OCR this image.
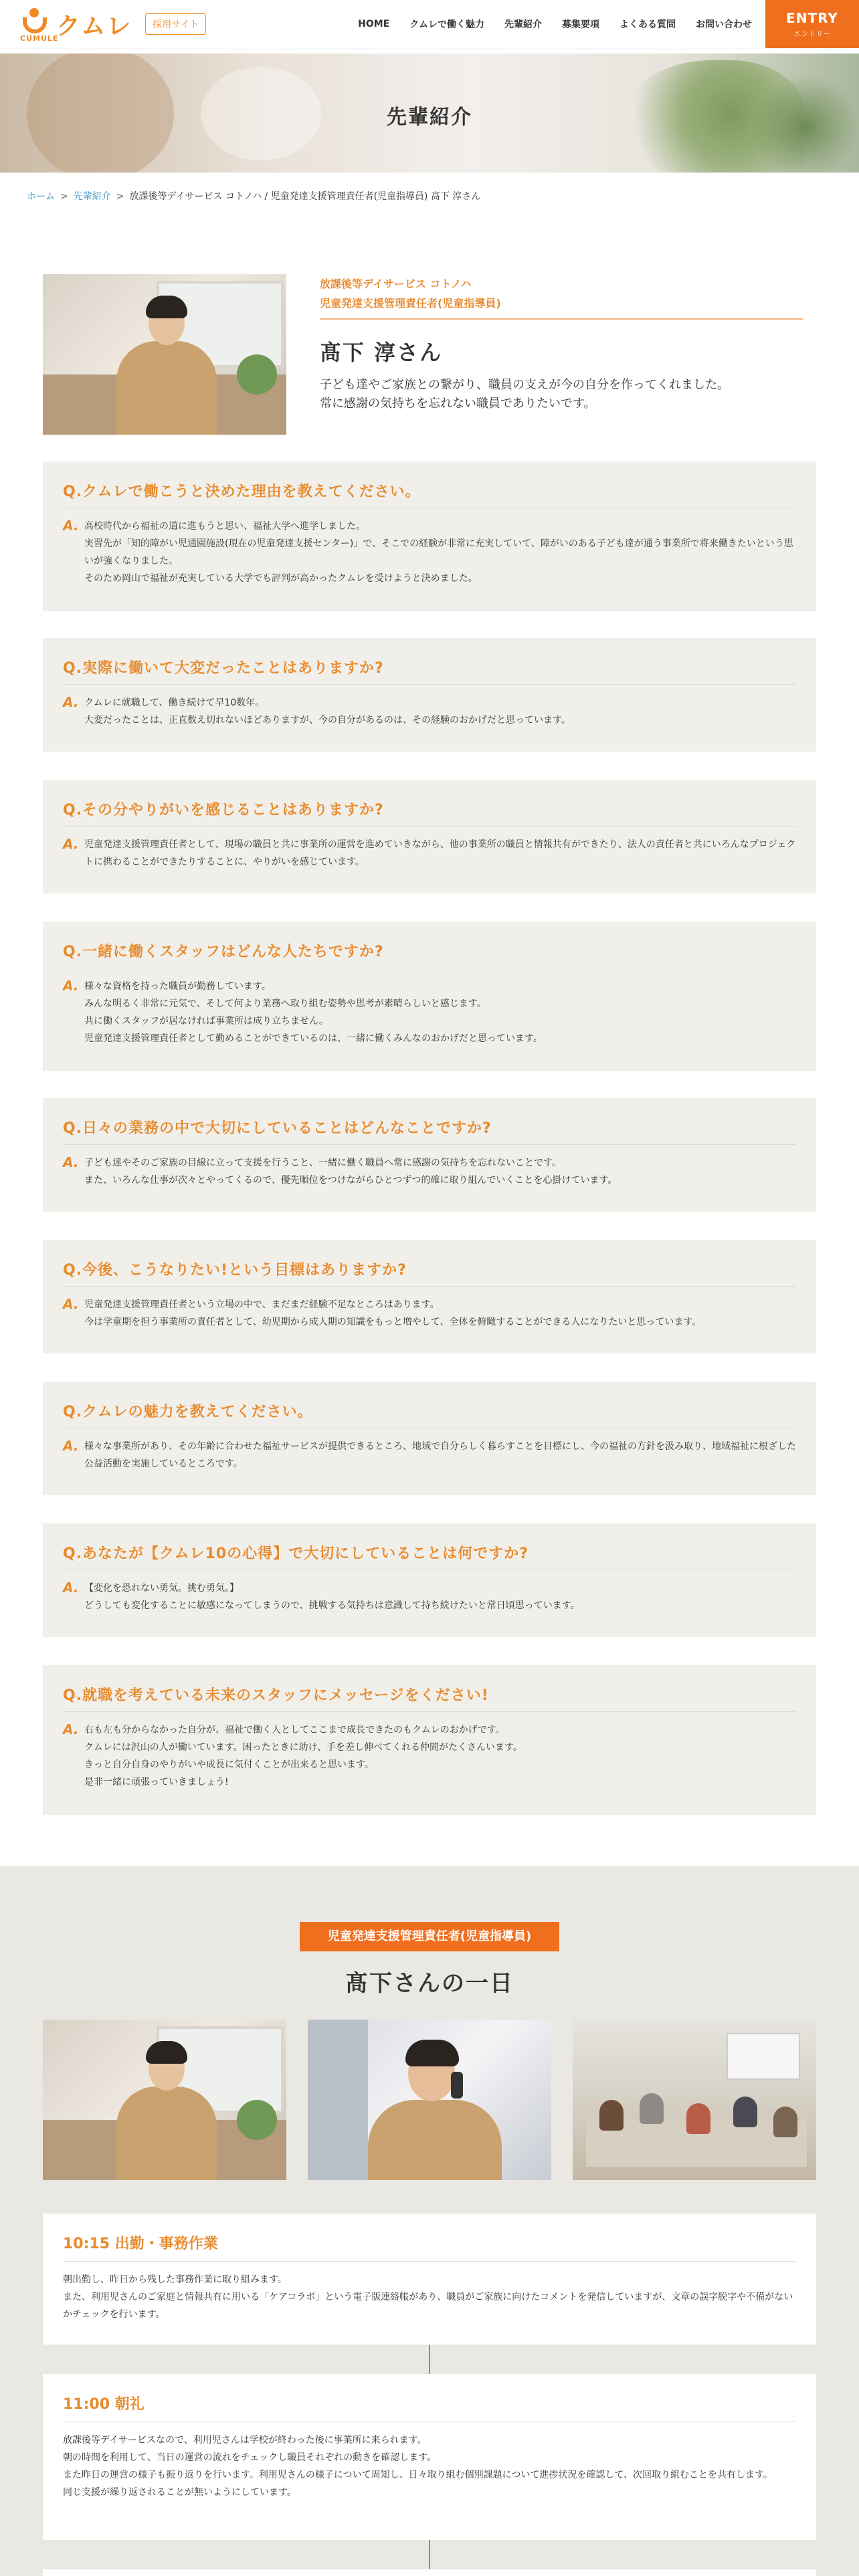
CUMULE
クムレ	採用サイト	HOME クムレで働く魅力 先輩紹介 募集要項 よくある質問 お問い合わせ	ENTRY
エントリー
先輩紹介
ホーム > 先輩紹介 > 放課後等デイサービス コトノハ / 児童発達支援管理責任者(児童指導員) 髙下 淳さん
放課後等デイサービス コトノハ
児童発達支援管理責任者(児童指導員)
髙下 淳さん
子ども達やご家族との繋がり、職員の支えが今の自分を作ってくれました。
常に感謝の気持ちを忘れない職員でありたいです。
Q.クムレで働こうと決めた理由を教えてください。
A. 高校時代から福祉の道に進もうと思い、福祉大学へ進学しました。
実習先が「知的障がい児通園施設(現在の児童発達支援センター)」で、そこでの経験が非常に充実していて、障がいのある子ども達が通う事業所で将来働きたいという思いが強くなりました。
そのため岡山で福祉が充実している大学でも評判が高かったクムレを受けようと決めました。
Q.実際に働いて大変だったことはありますか?
A. クムレに就職して、働き続けて早10数年。
大変だったことは、正直数え切れないほどありますが、今の自分があるのは、その経験のおかげだと思っています。
Q.その分やりがいを感じることはありますか?
A. 児童発達支援管理責任者として、現場の職員と共に事業所の運営を進めていきながら、他の事業所の職員と情報共有ができたり、法人の責任者と共にいろんなプロジェクトに携わることができたりすることに、やりがいを感じています。
Q.一緒に働くスタッフはどんな人たちですか?
A. 様々な資格を持った職員が勤務しています。
みんな明るく非常に元気で、そして何より業務へ取り組む姿勢や思考が素晴らしいと感じます。
共に働くスタッフが居なければ事業所は成り立ちません。
児童発達支援管理責任者として勤めることができているのは、一緒に働くみんなのおかげだと思っています。
Q.日々の業務の中で大切にしていることはどんなことですか?
A. 子ども達やそのご家族の目線に立って支援を行うこと、一緒に働く職員へ常に感謝の気持ちを忘れないことです。
また、いろんな仕事が次々とやってくるので、優先順位をつけながらひとつずつ的確に取り組んでいくことを心掛けています。
Q.今後、こうなりたい!という目標はありますか?
A. 児童発達支援管理責任者という立場の中で、まだまだ経験不足なところはあります。
今は学童期を担う事業所の責任者として、幼児期から成人期の知識をもっと増やして、全体を俯瞰することができる人になりたいと思っています。
Q.クムレの魅力を教えてください。
A. 様々な事業所があり、その年齢に合わせた福祉サービスが提供できるところ、地域で自分らしく暮らすことを目標にし、今の福祉の方針を汲み取り、地域福祉に根ざした公益活動を実施しているところです。
Q.あなたが【クムレ10の心得】で大切にしていることは何ですか?
A. 【変化を恐れない勇気。挑む勇気。】
どうしても変化することに敏感になってしまうので、挑戦する気持ちは意識して持ち続けたいと常日頃思っています。
Q.就職を考えている未来のスタッフにメッセージをください!
A. 右も左も分からなかった自分が、福祉で働く人としてここまで成長できたのもクムレのおかげです。
クムレには沢山の人が働いています。困ったときに助け、手を差し伸べてくれる仲間がたくさんいます。
きっと自分自身のやりがいや成長に気付くことが出来ると思います。
是非一緒に頑張っていきましょう!
児童発達支援管理責任者(児童指導員)
髙下さんの一日
10:15 出勤・事務作業
朝出勤し、昨日から残した事務作業に取り組みます。
また、利用児さんのご家庭と情報共有に用いる「ケアコラボ」という電子版連絡帳があり、職員がご家族に向けたコメントを発信していますが、文章の誤字脱字や不備がないかチェックを行います。
11:00 朝礼
放課後等デイサービスなので、利用児さんは学校が終わった後に事業所に来られます。
朝の時間を利用して、当日の運営の流れをチェックし職員それぞれの動きを確認します。
また昨日の運営の様子も振り返りを行います。利用児さんの様子について周知し、日々取り組む個別課題について進捗状況を確認して、次回取り組むことを共有します。
同じ支援が繰り返されることが無いようにしています。
